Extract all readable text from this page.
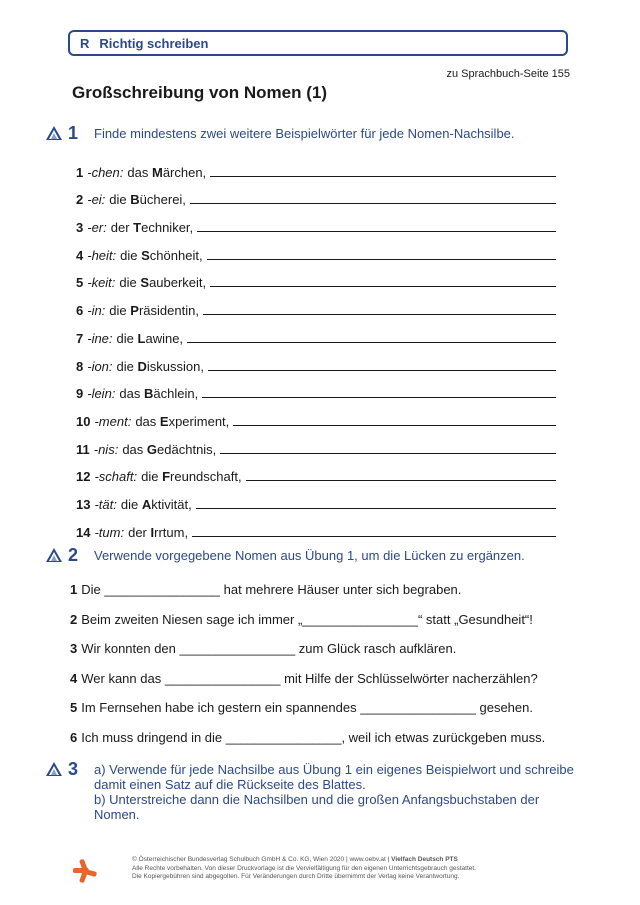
R Richtig schreiben
zu Sprachbuch-Seite 155
Großschreibung von Nomen (1)
1	Finde mindestens zwei weitere Beispielwörter für jede Nomen-Nachsilbe.
1 -chen: das Märchen,
2 -ei: die Bücherei,
3 -er: der Techniker,
4 -heit: die Schönheit,
5 -keit: die Sauberkeit,
6 -in: die Präsidentin,
7 -ine: die Lawine,
8 -ion: die Diskussion,
9 -lein: das Bächlein,
10 -ment: das Experiment,
11 -nis: das Gedächtnis,
12 -schaft: die Freundschaft,
13 -tät: die Aktivität,
14 -tum: der Irrtum,
2	Verwende vorgegebene Nomen aus Übung 1, um die Lücken zu ergänzen.
1 Die ________________ hat mehrere Häuser unter sich begraben.
2 Beim zweiten Niesen sage ich immer „________________“ statt „Gesundheit“!
3 Wir konnten den ________________ zum Glück rasch aufklären.
4 Wer kann das ________________ mit Hilfe der Schlüsselwörter nacherzählen?
5 Im Fernsehen habe ich gestern ein spannendes ________________ gesehen.
6 Ich muss dringend in die ________________, weil ich etwas zurückgeben muss.
3	a) Verwende für jede Nachsilbe aus Übung 1 ein eigenes Beispielwort und schreibe
damit einen Satz auf die Rückseite des Blattes.
b) Unterstreiche dann die Nachsilben und die großen Anfangsbuchstaben der
Nomen.
© Österreichischer Bundesverlag Schulbuch GmbH & Co. KG, Wien 2020 | www.oebv.at | Vielfach Deutsch PTS
Alle Rechte vorbehalten. Von dieser Druckvorlage ist die Vervielfältigung für den eigenen Unterrichtsgebrauch gestattet.
Die Kopiergebühren sind abgegolten. Für Veränderungen durch Dritte übernimmt der Verlag keine Verantwortung.
